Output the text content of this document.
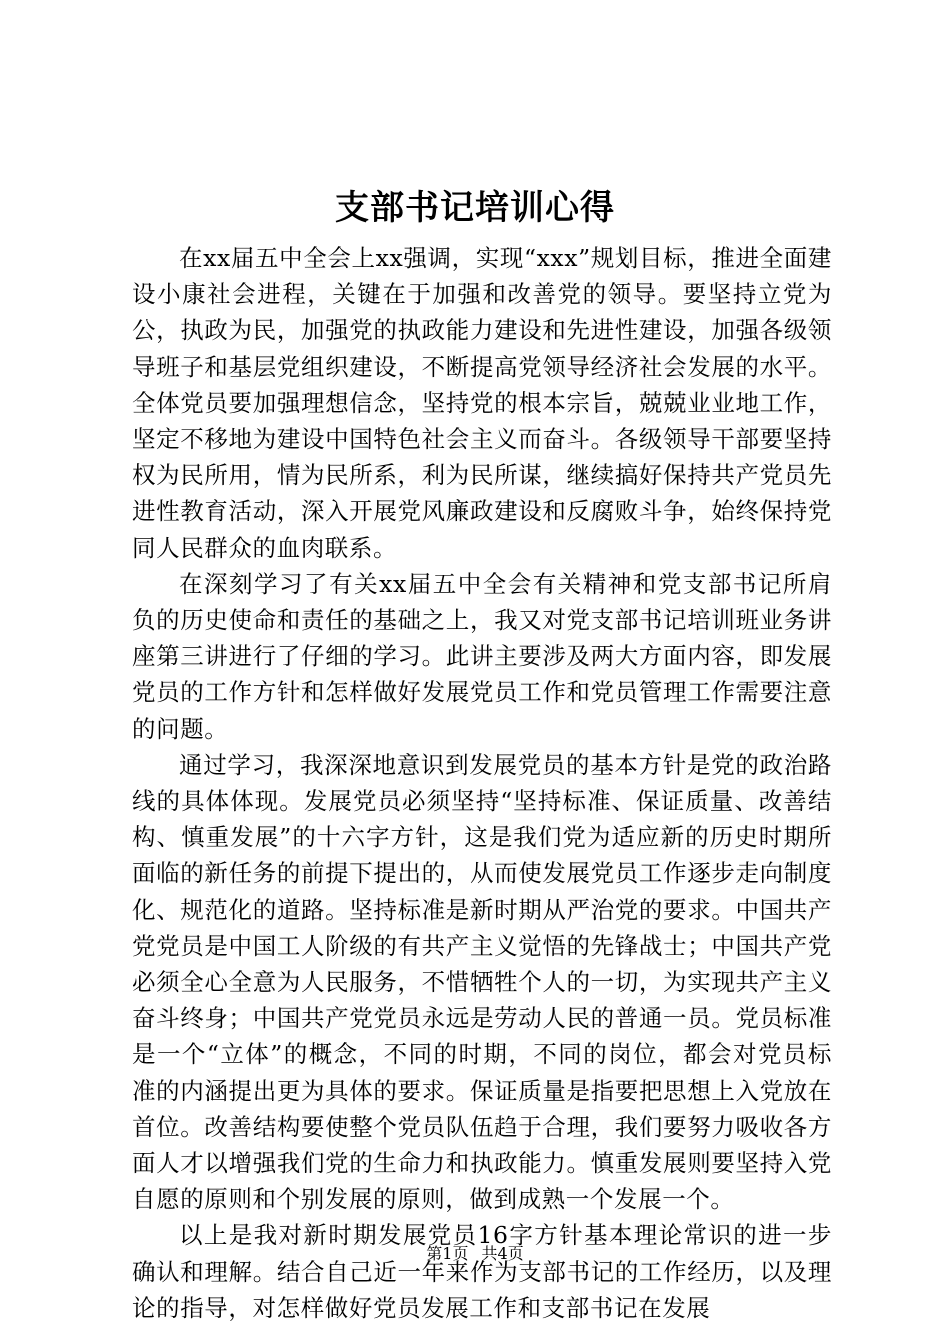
支部书记培训心得

在xx届五中全会上xx强调，实现“xxx”规划目标，推进全面建设小康社会进程，关键在于加强和改善党的领导。要坚持立党为公，执政为民，加强党的执政能力建设和先进性建设，加强各级领导班子和基层党组织建设，不断提高党领导经济社会发展的水平。全体党员要加强理想信念，坚持党的根本宗旨，兢兢业业地工作，坚定不移地为建设中国特色社会主义而奋斗。各级领导干部要坚持权为民所用，情为民所系，利为民所谋，继续搞好保持共产党员先进性教育活动，深入开展党风廉政建设和反腐败斗争，始终保持党同人民群众的血肉联系。

在深刻学习了有关xx届五中全会有关精神和党支部书记所肩负的历史使命和责任的基础之上，我又对党支部书记培训班业务讲座第三讲进行了仔细的学习。此讲主要涉及两大方面内容，即发展党员的工作方针和怎样做好发展党员工作和党员管理工作需要注意的问题。

通过学习，我深深地意识到发展党员的基本方针是党的政治路线的具体体现。发展党员必须坚持“坚持标准、保证质量、改善结构、慎重发展”的十六字方针，这是我们党为适应新的历史时期所面临的新任务的前提下提出的，从而使发展党员工作逐步走向制度化、规范化的道路。坚持标准是新时期从严治党的要求。中国共产党党员是中国工人阶级的有共产主义觉悟的先锋战士；中国共产党必须全心全意为人民服务，不惜牺牲个人的一切，为实现共产主义奋斗终身；中国共产党党员永远是劳动人民的普通一员。党员标准是一个“立体”的概念，不同的时期，不同的岗位，都会对党员标准的内涵提出更为具体的要求。保证质量是指要把思想上入党放在首位。改善结构要使整个党员队伍趋于合理，我们要努力吸收各方面人才以增强我们党的生命力和执政能力。慎重发展则要坚持入党自愿的原则和个别发展的原则，做到成熟一个发展一个。

以上是我对新时期发展党员16字方针基本理论常识的进一步确认和理解。结合自己近一年来作为支部书记的工作经历，以及理论的指导，对怎样做好党员发展工作和支部书记在发展

第1页 共4页
